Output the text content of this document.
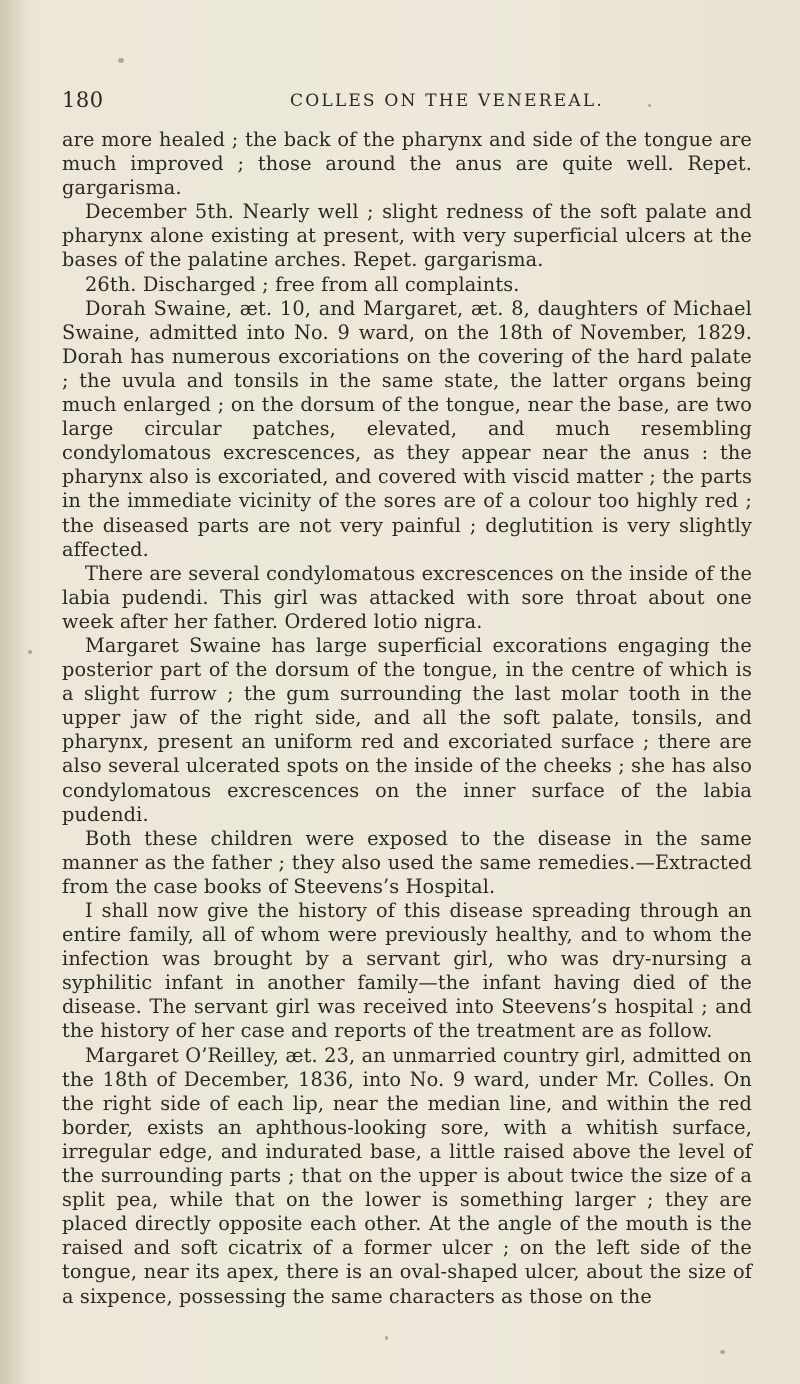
180	COLLES ON THE VENEREAL.

are more healed ; the back of the pharynx and side of the tongue are much improved ; those around the anus are quite well. Repet. gargarisma.

December 5th. Nearly well ; slight redness of the soft palate and pharynx alone existing at present, with very superficial ulcers at the bases of the palatine arches. Repet. gargarisma.

26th. Discharged ; free from all complaints.

Dorah Swaine, æt. 10, and Margaret, æt. 8, daughters of Michael Swaine, admitted into No. 9 ward, on the 18th of November, 1829. Dorah has numerous excoriations on the covering of the hard palate ; the uvula and tonsils in the same state, the latter organs being much enlarged ; on the dorsum of the tongue, near the base, are two large circular patches, elevated, and much resembling condylomatous excrescences, as they appear near the anus : the pharynx also is excoriated, and covered with viscid matter ; the parts in the immediate vicinity of the sores are of a colour too highly red ; the diseased parts are not very painful ; deglutition is very slightly affected.

There are several condylomatous excrescences on the inside of the labia pudendi. This girl was attacked with sore throat about one week after her father. Ordered lotio nigra.

Margaret Swaine has large superficial excorations engaging the posterior part of the dorsum of the tongue, in the centre of which is a slight furrow ; the gum surrounding the last molar tooth in the upper jaw of the right side, and all the soft palate, tonsils, and pharynx, present an uniform red and excoriated surface ; there are also several ulcerated spots on the inside of the cheeks ; she has also condylomatous excrescences on the inner surface of the labia pudendi.

Both these children were exposed to the disease in the same manner as the father ; they also used the same remedies.—Extracted from the case books of Steevens’s Hospital.

I shall now give the history of this disease spreading through an entire family, all of whom were previously healthy, and to whom the infection was brought by a servant girl, who was dry-nursing a syphilitic infant in another family—the infant having died of the disease. The servant girl was received into Steevens’s hospital ; and the history of her case and reports of the treatment are as follow.

Margaret O’Reilley, æt. 23, an unmarried country girl, admitted on the 18th of December, 1836, into No. 9 ward, under Mr. Colles. On the right side of each lip, near the median line, and within the red border, exists an aphthous-looking sore, with a whitish surface, irregular edge, and indurated base, a little raised above the level of the surrounding parts ; that on the upper is about twice the size of a split pea, while that on the lower is something larger ; they are placed directly opposite each other. At the angle of the mouth is the raised and soft cicatrix of a former ulcer ; on the left side of the tongue, near its apex, there is an oval-shaped ulcer, about the size of a sixpence, possessing the same characters as those on the
